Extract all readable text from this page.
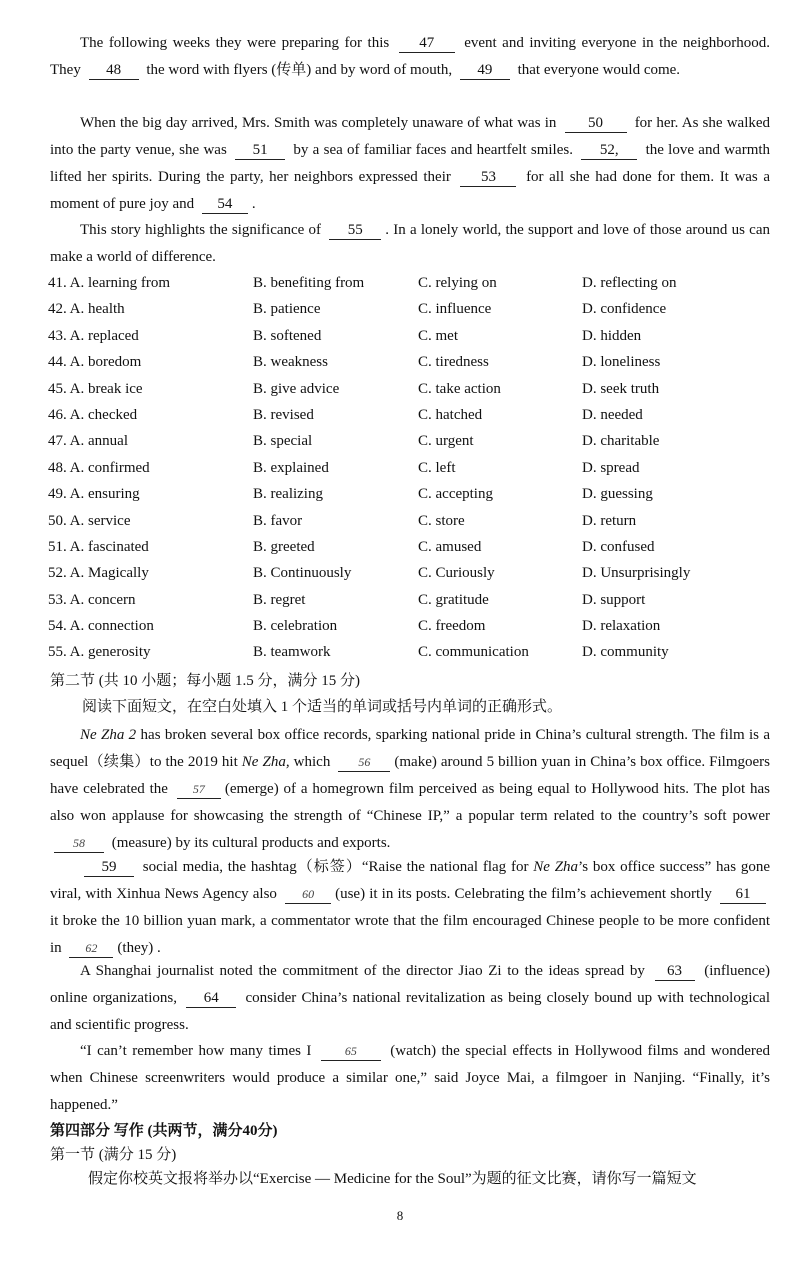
The following weeks they were preparing for this 47 event and inviting everyone in the neighborhood. They 48 the word with flyers (传单) and by word of mouth, 49 that everyone would come.
When the big day arrived, Mrs. Smith was completely unaware of what was in 50 for her. As she walked into the party venue, she was 51 by a sea of familiar faces and heartfelt smiles. 52, the love and warmth lifted her spirits. During the party, her neighbors expressed their 53 for all she had done for them. It was a moment of pure joy and 54 .
This story highlights the significance of 55 . In a lonely world, the support and love of those around us can make a world of difference.
41. A. learning from	B. benefiting from	C. relying on	D. reflecting on
42. A. health	B. patience	C. influence	D. confidence
43. A. replaced	B. softened	C. met	D. hidden
44. A. boredom	B. weakness	C. tiredness	D. loneliness
45. A. break ice	B. give advice	C. take action	D. seek truth
46. A. checked	B. revised	C. hatched	D. needed
47. A. annual	B. special	C. urgent	D. charitable
48. A. confirmed	B. explained	C. left	D. spread
49. A. ensuring	B. realizing	C. accepting	D. guessing
50. A. service	B. favor	C. store	D. return
51. A. fascinated	B. greeted	C. amused	D. confused
52. A. Magically	B. Continuously	C. Curiously	D. Unsurprisingly
53. A. concern	B. regret	C. gratitude	D. support
54. A. connection	B. celebration	C. freedom	D. relaxation
55. A. generosity	B. teamwork	C. communication	D. community
第二节 (共 10 小题；每小题 1.5 分，满分 15 分)
阅读下面短文，在空白处填入 1 个适当的单词或括号内单词的正确形式。
Ne Zha 2 has broken several box office records, sparking national pride in China’s cultural strength. The film is a sequel（续集）to the 2019 hit Ne Zha, which 56 (make) around 5 billion yuan in China’s box office. Filmgoers have celebrated the 57 (emerge) of a homegrown film perceived as being equal to Hollywood hits. The plot has also won applause for showcasing the strength of “Chinese IP,” a popular term related to the country’s soft power 58 (measure) by its cultural products and exports.
59 social media, the hashtag（标签）“Raise the national flag for Ne Zha’s box office success” has gone viral, with Xinhua News Agency also 60 (use) it in its posts. Celebrating the film’s achievement shortly 61 it broke the 10 billion yuan mark, a commentator wrote that the film encouraged Chinese people to be more confident in 62 (they) .
A Shanghai journalist noted the commitment of the director Jiao Zi to the ideas spread by 63 (influence) online organizations, 64 consider China’s national revitalization as being closely bound up with technological and scientific progress.
“I can’t remember how many times I	65 (watch) the special effects in Hollywood films and wondered when Chinese screenwriters would produce a similar one,” said Joyce Mai, a filmgoer in Nanjing. “Finally, it’s happened.”
第四部分 写作 (共两节，满分40分)
第一节 (满分 15 分)
假定你校英文报将举办以“Exercise — Medicine for the Soul”为题的征文比赛，请你写一篇短文
8
